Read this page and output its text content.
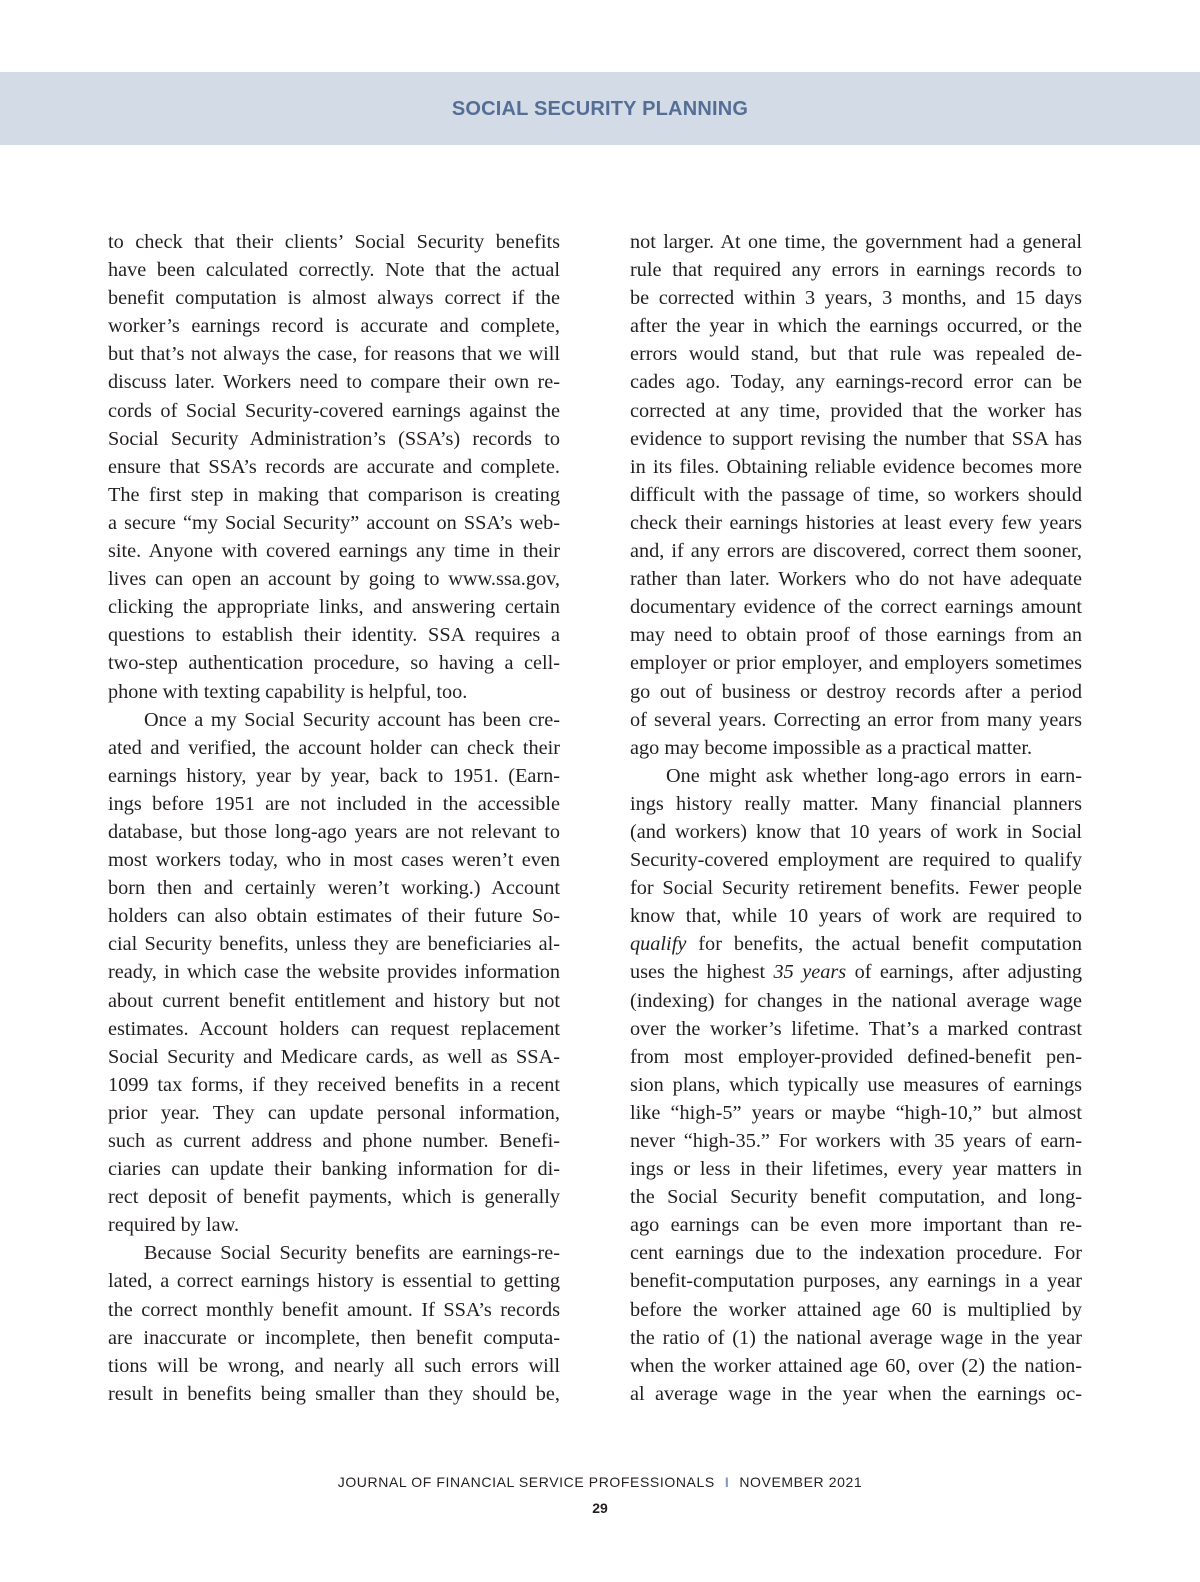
SOCIAL SECURITY PLANNING
to check that their clients’ Social Security benefits
have been calculated correctly. Note that the actual
benefit computation is almost always correct if the
worker’s earnings record is accurate and complete,
but that’s not always the case, for reasons that we will
discuss later. Workers need to compare their own re-
cords of Social Security-covered earnings against the
Social Security Administration’s (SSA’s) records to
ensure that SSA’s records are accurate and complete.
The first step in making that comparison is creating
a secure “my Social Security” account on SSA’s web-
site. Anyone with covered earnings any time in their
lives can open an account by going to www.ssa.gov,
clicking the appropriate links, and answering certain
questions to establish their identity. SSA requires a
two-step authentication procedure, so having a cell-
phone with texting capability is helpful, too.
Once a my Social Security account has been cre-
ated and verified, the account holder can check their
earnings history, year by year, back to 1951. (Earn-
ings before 1951 are not included in the accessible
database, but those long-ago years are not relevant to
most workers today, who in most cases weren’t even
born then and certainly weren’t working.) Account
holders can also obtain estimates of their future So-
cial Security benefits, unless they are beneficiaries al-
ready, in which case the website provides information
about current benefit entitlement and history but not
estimates. Account holders can request replacement
Social Security and Medicare cards, as well as SSA-
1099 tax forms, if they received benefits in a recent
prior year. They can update personal information,
such as current address and phone number. Benefi-
ciaries can update their banking information for di-
rect deposit of benefit payments, which is generally
required by law.
Because Social Security benefits are earnings-re-
lated, a correct earnings history is essential to getting
the correct monthly benefit amount. If SSA’s records
are inaccurate or incomplete, then benefit computa-
tions will be wrong, and nearly all such errors will
result in benefits being smaller than they should be,
not larger. At one time, the government had a general
rule that required any errors in earnings records to
be corrected within 3 years, 3 months, and 15 days
after the year in which the earnings occurred, or the
errors would stand, but that rule was repealed de-
cades ago. Today, any earnings-record error can be
corrected at any time, provided that the worker has
evidence to support revising the number that SSA has
in its files. Obtaining reliable evidence becomes more
difficult with the passage of time, so workers should
check their earnings histories at least every few years
and, if any errors are discovered, correct them sooner,
rather than later. Workers who do not have adequate
documentary evidence of the correct earnings amount
may need to obtain proof of those earnings from an
employer or prior employer, and employers sometimes
go out of business or destroy records after a period
of several years. Correcting an error from many years
ago may become impossible as a practical matter.
One might ask whether long-ago errors in earn-
ings history really matter. Many financial planners
(and workers) know that 10 years of work in Social
Security-covered employment are required to qualify
for Social Security retirement benefits. Fewer people
know that, while 10 years of work are required to
qualify for benefits, the actual benefit computation
uses the highest 35 years of earnings, after adjusting
(indexing) for changes in the national average wage
over the worker’s lifetime. That’s a marked contrast
from most employer-provided defined-benefit pen-
sion plans, which typically use measures of earnings
like “high-5” years or maybe “high-10,” but almost
never “high-35.” For workers with 35 years of earn-
ings or less in their lifetimes, every year matters in
the Social Security benefit computation, and long-
ago earnings can be even more important than re-
cent earnings due to the indexation procedure. For
benefit-computation purposes, any earnings in a year
before the worker attained age 60 is multiplied by
the ratio of (1) the national average wage in the year
when the worker attained age 60, over (2) the nation-
al average wage in the year when the earnings oc-
JOURNAL OF FINANCIAL SERVICE PROFESSIONALS I NOVEMBER 2021
29
